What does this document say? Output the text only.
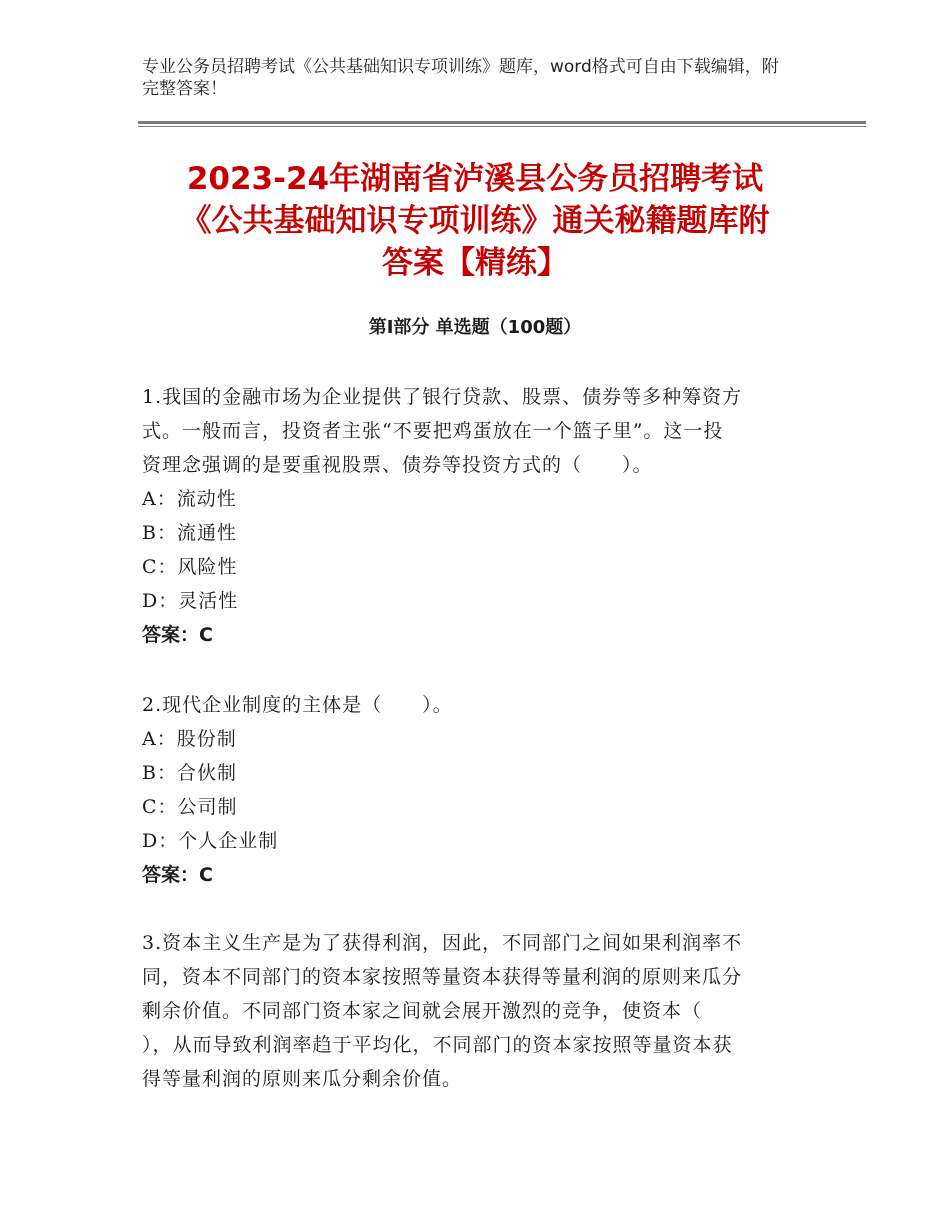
专业公务员招聘考试《公共基础知识专项训练》题库，word格式可自由下载编辑，附完整答案！
2023-24年湖南省泸溪县公务员招聘考试
《公共基础知识专项训练》通关秘籍题库附
答案【精练】
第Ⅰ部分 单选题（100题）
1.我国的金融市场为企业提供了银行贷款、股票、债券等多种筹资方
式。一般而言，投资者主张“不要把鸡蛋放在一个篮子里”。这一投
资理念强调的是要重视股票、债券等投资方式的（　　）。
A：流动性
B：流通性
C：风险性
D：灵活性
答案：C
2.现代企业制度的主体是（　　）。
A：股份制
B：合伙制
C：公司制
D：个人企业制
答案：C
3.资本主义生产是为了获得利润，因此，不同部门之间如果利润率不
同，资本不同部门的资本家按照等量资本获得等量利润的原则来瓜分
剩余价值。不同部门资本家之间就会展开激烈的竞争，使资本（
），从而导致利润率趋于平均化，不同部门的资本家按照等量资本获
得等量利润的原则来瓜分剩余价值。
